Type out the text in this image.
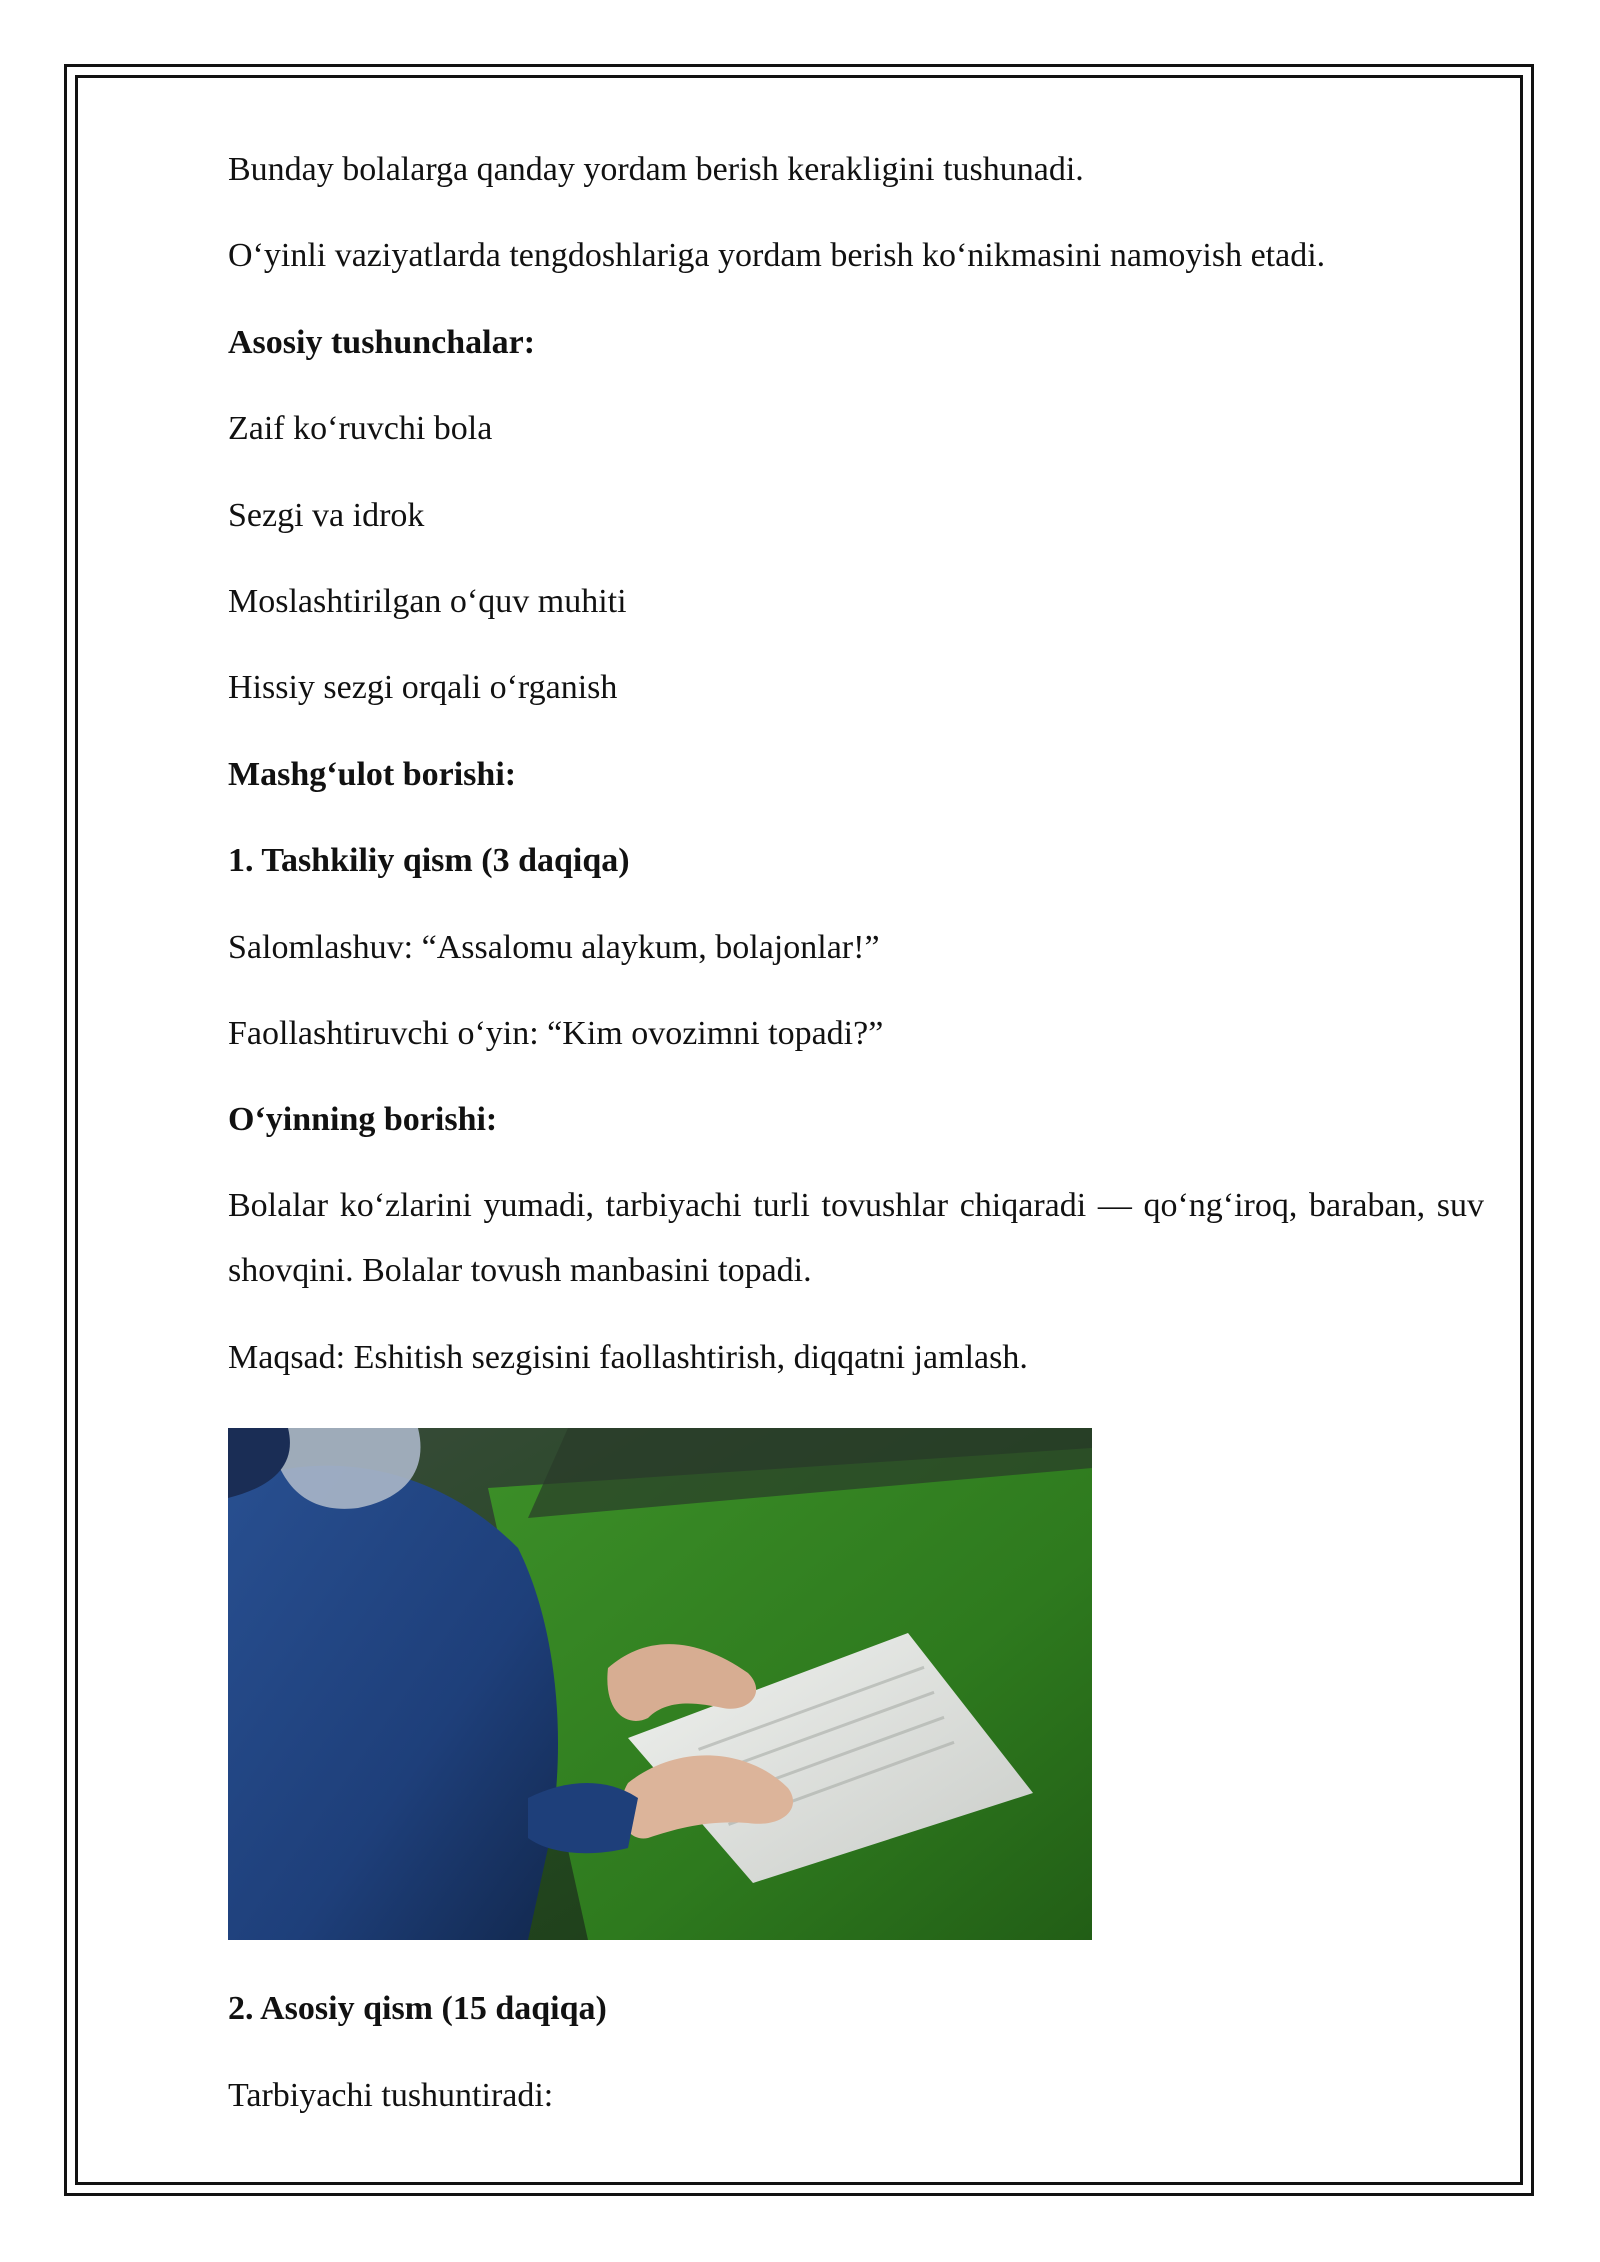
Bunday bolalarga qanday yordam berish kerakligini tushunadi.
O‘yinli vaziyatlarda tengdoshlariga yordam berish ko‘nikmasini namoyish etadi.
Asosiy tushunchalar:
Zaif ko‘ruvchi bola
Sezgi va idrok
Moslashtirilgan o‘quv muhiti
Hissiy sezgi orqali o‘rganish
Mashg‘ulot borishi:
1. Tashkiliy qism (3 daqiqa)
Salomlashuv: “Assalomu alaykum, bolajonlar!”
Faollashtiruvchi o‘yin: “Kim ovozimni topadi?”
O‘yinning borishi:
Bolalar ko‘zlarini yumadi, tarbiyachi turli tovushlar chiqaradi — qo‘ng‘iroq, baraban, suv shovqini. Bolalar tovush manbasini topadi.
Maqsad: Eshitish sezgisini faollashtirish, diqqatni jamlash.
2. Asosiy qism (15 daqiqa)
Tarbiyachi tushuntiradi:
